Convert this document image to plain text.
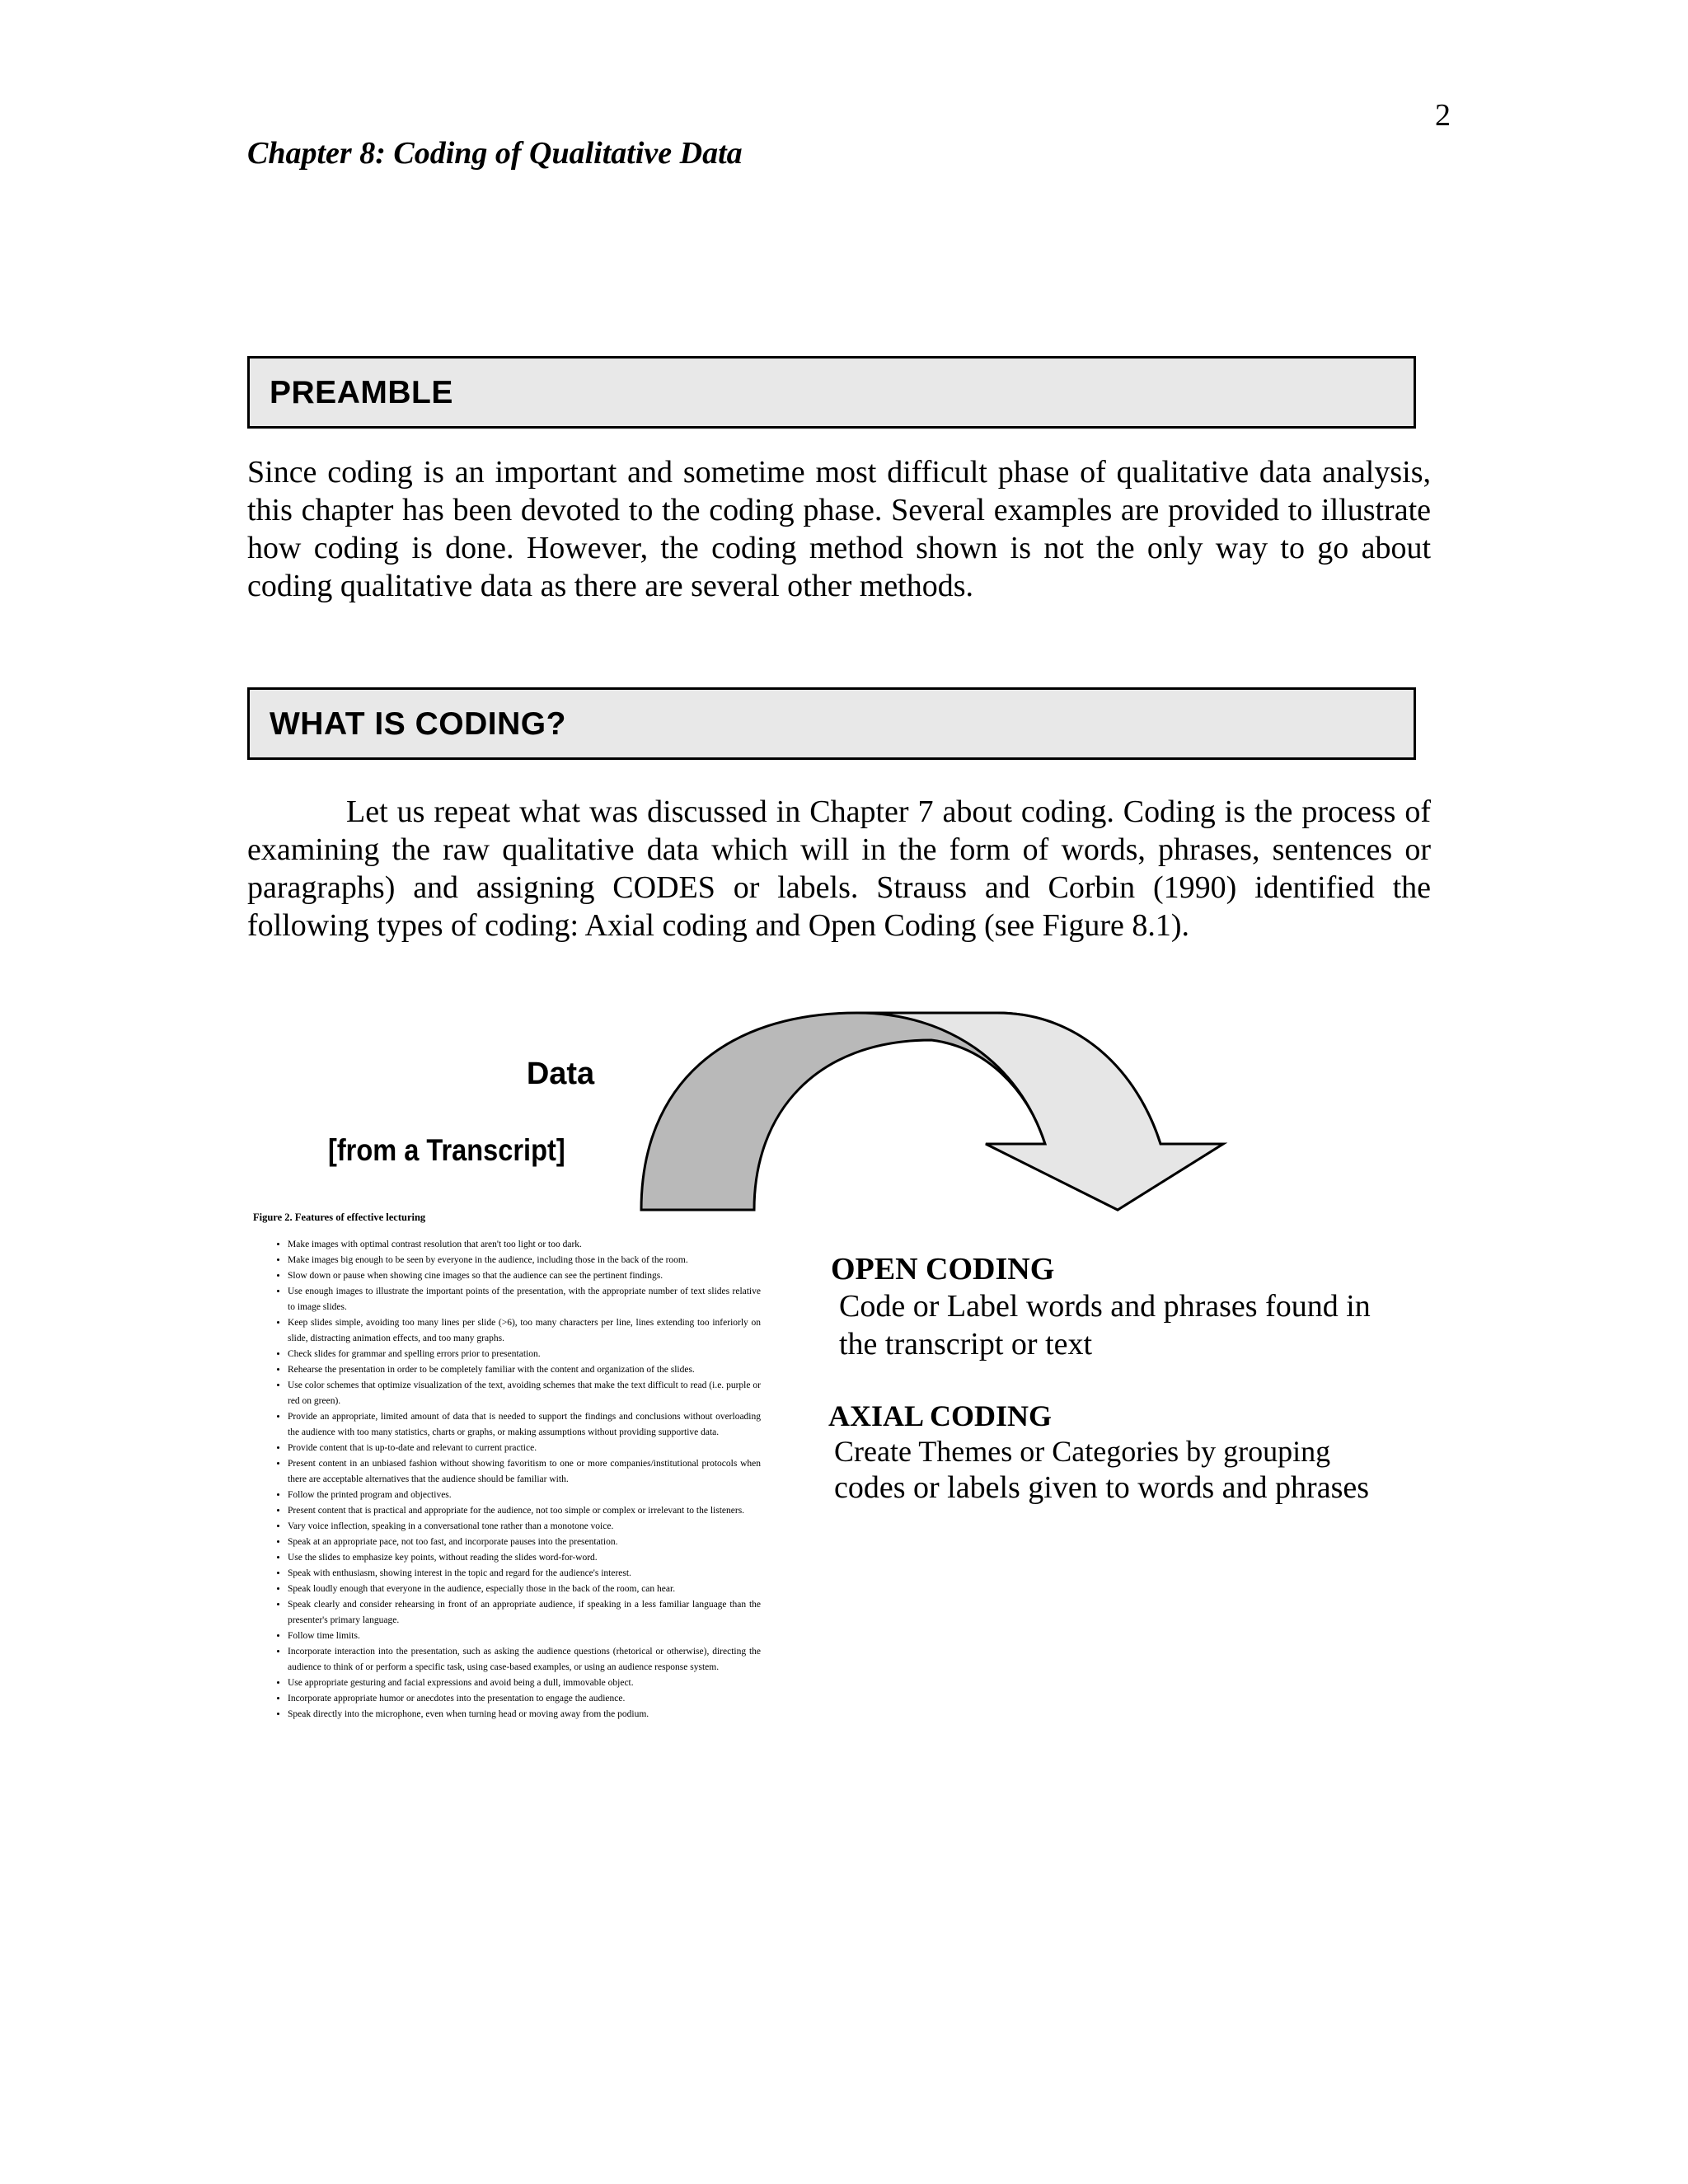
2
Chapter 8: Coding of Qualitative Data
PREAMBLE
Since coding is an important and sometime most difficult phase of qualitative data analysis, this chapter has been devoted to the coding phase. Several examples are provided to illustrate how coding is done. However, the coding method shown is not the only way to go about coding qualitative data as there are several other methods.
WHAT IS CODING?
Let us repeat what was discussed in Chapter 7 about coding. Coding is the process of examining the raw qualitative data which will in the form of words, phrases, sentences or paragraphs) and assigning CODES or labels. Strauss and Corbin (1990) identified the following types of coding: Axial coding and Open Coding (see Figure 8.1).
Data
[from a Transcript]
Figure 2. Features of effective lecturing
• Make images with optimal contrast resolution that aren't too light or too dark.
• Make images big enough to be seen by everyone in the audience, including those in the back of the room.
• Slow down or pause when showing cine images so that the audience can see the pertinent findings.
• Use enough images to illustrate the important points of the presentation, with the appropriate number of text slides relative to image slides.
• Keep slides simple, avoiding too many lines per slide (>6), too many characters per line, lines extending too inferiorly on slide, distracting animation effects, and too many graphs.
• Check slides for grammar and spelling errors prior to presentation.
• Rehearse the presentation in order to be completely familiar with the content and organization of the slides.
• Use color schemes that optimize visualization of the text, avoiding schemes that make the text difficult to read (i.e. purple or red on green).
• Provide an appropriate, limited amount of data that is needed to support the findings and conclusions without overloading the audience with too many statistics, charts or graphs, or making assumptions without providing supportive data.
• Provide content that is up-to-date and relevant to current practice.
• Present content in an unbiased fashion without showing favoritism to one or more companies/institutional protocols when there are acceptable alternatives that the audience should be familiar with.
• Follow the printed program and objectives.
• Present content that is practical and appropriate for the audience, not too simple or complex or irrelevant to the listeners.
• Vary voice inflection, speaking in a conversational tone rather than a monotone voice.
• Speak at an appropriate pace, not too fast, and incorporate pauses into the presentation.
• Use the slides to emphasize key points, without reading the slides word-for-word.
• Speak with enthusiasm, showing interest in the topic and regard for the audience's interest.
• Speak loudly enough that everyone in the audience, especially those in the back of the room, can hear.
• Speak clearly and consider rehearsing in front of an appropriate audience, if speaking in a less familiar language than the presenter's primary language.
• Follow time limits.
• Incorporate interaction into the presentation, such as asking the audience questions (rhetorical or otherwise), directing the audience to think of or perform a specific task, using case-based examples, or using an audience response system.
• Use appropriate gesturing and facial expressions and avoid being a dull, immovable object.
• Incorporate appropriate humor or anecdotes into the presentation to engage the audience.
• Speak directly into the microphone, even when turning head or moving away from the podium.
OPEN CODING
Code or Label words and phrases found in
the transcript or text
AXIAL CODING
Create Themes or Categories by grouping
codes or labels given to words and phrases
